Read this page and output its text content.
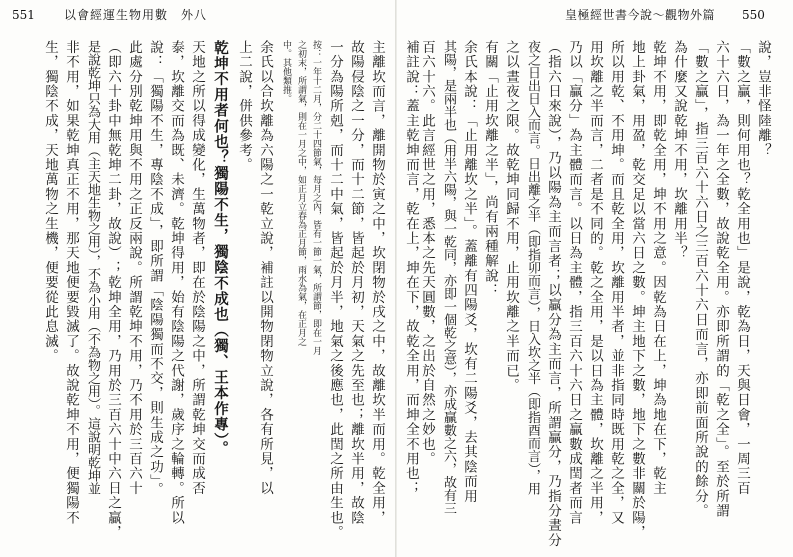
551 以會經運生物用數　外八	皇極經世書今說～觀物外篇 550
說，豈非怪陸離？
「數之贏，則何用也？乾全用也」是說，乾為日，天與日會，一周三百
六十六日，為一年之全數，故說乾全用。亦即所謂的「乾之全」。至於所謂
「數之贏」，指三百六十六日之三百六十六日而言，亦即前面所說的餘分。
為什麼又說乾坤不用，坎離用半？
乾坤不用，即乾全用，坤不用之意。因乾為日在上，坤為地在下，乾主
地上卦氣，用盈，乾交足以當六日之數。坤主地下之數，地下之數非關於陽，
所以用乾、不用坤。而且乾全用，坎離用半者，並非指同時既用乾之全，又
用坎離之半而言，二者是不同的。乾之全用，是以日為主體，坎離之半用，
乃以「贏分」為主體而言。以日為主體，指三百六十六日之贏數成閏者而言
（指六日來說），乃以陽為主而言者；以贏分為主而言，所謂贏分，乃指分晝分
夜之日出日入而言。日出離之半（即指卯而言），日入坎之半（即指酉而言），用
之以晝夜之限。故乾坤同歸不用，止用坎離之半而已。
有關「止用坎離之半」，尚有兩種解說：
余氏本說：「止用離坎之半」。蓋離有四陽爻，坎有二陽爻，去其陰而用
其陽，是兩半也（用半六陽，與一乾同，亦即一個乾之意），亦成贏數之六，故有三
百六十六。此言經世之用，悉本之先天圓數，之出於自然之妙也。
補註說：蓋主乾坤而言，乾在上，坤在下，故乾全用，而坤全不用也；
主離坎而言，離開物於寅之中，坎閉物於戌之中，故離坎半而用。乾全用，
故陽侵陰之一分，而十二節，皆起於月初，天氣之先至也；離坎半用，故陰
一分為陽所剋，而十二中氣，皆起於月半，地氣之後應也，此閏之所由生也。
按：一年十二月，分二十四節氣，每月之內，皆有一節一氣，所謂節，即在一月
之初末，所謂氣，則在一月之中，如正月立春為正月節，雨水為氣，在正月之
中。其他類推。
余氏以合坎離為六陽之一乾立說，補註以開物閉物立說，各有所見，以
上二說，併供參考。
乾坤不用者何也？獨陽不生，獨陰不成也（獨、王本作專）。
天地之所以得成變化，生萬物者，即在於陰陽之中，所謂乾坤交而成否
泰，坎離交而為既、未濟。乾坤得用，始有陰陽之代謝，歲序之輪轉。所以
說：「獨陽不生，專陰不成」，即所謂「陰陽獨而不交，則生成之功」。
此處分別乾坤用與不用之正反兩說。所謂乾坤不用，乃不用於三百六十
（即六十卦中無乾坤二卦，故說）；乾坤全用，乃用於三百六十中六日之贏，
是說乾坤只為大用（主天地生物之用），不為小用（不為物之用）。這說明乾坤並
非不用，如果乾坤真正不用，那天地便要毀滅了。故說乾坤不用，便獨陽不
生，獨陰不成，天地萬物之生機，便要從此息滅。
